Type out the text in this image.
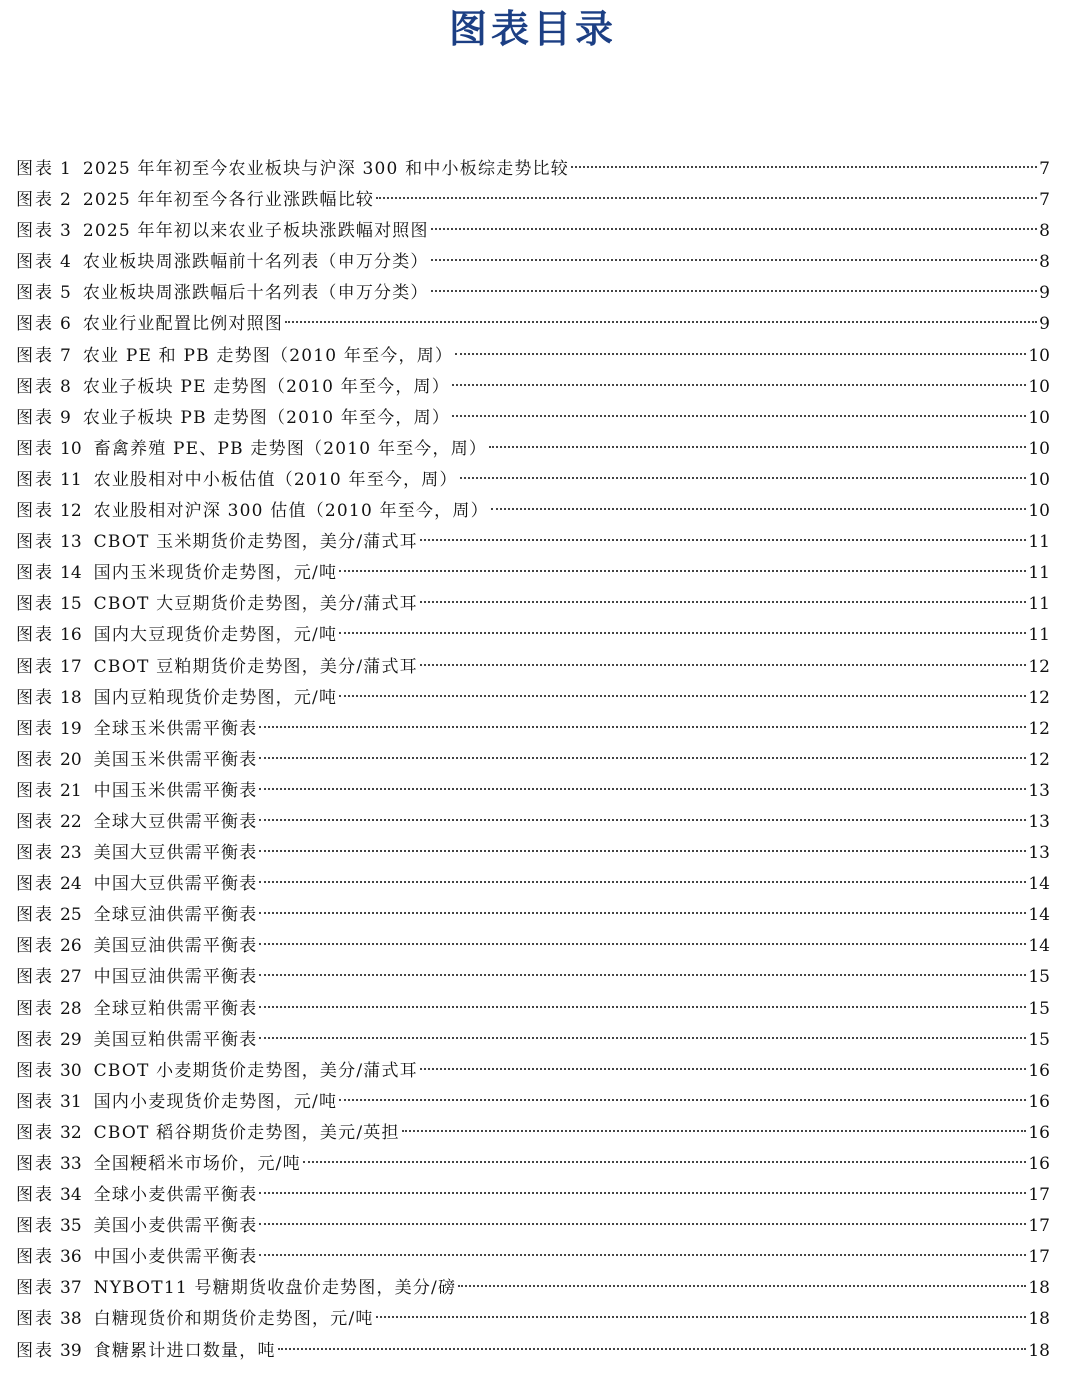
图表目录
图表 1 2025 年年初至今农业板块与沪深 300 和中小板综走势比较	7
图表 2 2025 年年初至今各行业涨跌幅比较	7
图表 3 2025 年年初以来农业子板块涨跌幅对照图	8
图表 4 农业板块周涨跌幅前十名列表（申万分类）	8
图表 5 农业板块周涨跌幅后十名列表（申万分类）	9
图表 6 农业行业配置比例对照图	9
图表 7 农业 PE 和 PB 走势图（2010 年至今，周）	10
图表 8 农业子板块 PE 走势图（2010 年至今，周）	10
图表 9 农业子板块 PB 走势图（2010 年至今，周）	10
图表 10 畜禽养殖 PE、PB 走势图（2010 年至今，周）	10
图表 11 农业股相对中小板估值（2010 年至今，周）	10
图表 12 农业股相对沪深 300 估值（2010 年至今，周）	10
图表 13 CBOT 玉米期货价走势图，美分/蒲式耳	11
图表 14 国内玉米现货价走势图，元/吨	11
图表 15 CBOT 大豆期货价走势图，美分/蒲式耳	11
图表 16 国内大豆现货价走势图，元/吨	11
图表 17 CBOT 豆粕期货价走势图，美分/蒲式耳	12
图表 18 国内豆粕现货价走势图，元/吨	12
图表 19 全球玉米供需平衡表	12
图表 20 美国玉米供需平衡表	12
图表 21 中国玉米供需平衡表	13
图表 22 全球大豆供需平衡表	13
图表 23 美国大豆供需平衡表	13
图表 24 中国大豆供需平衡表	14
图表 25 全球豆油供需平衡表	14
图表 26 美国豆油供需平衡表	14
图表 27 中国豆油供需平衡表	15
图表 28 全球豆粕供需平衡表	15
图表 29 美国豆粕供需平衡表	15
图表 30 CBOT 小麦期货价走势图，美分/蒲式耳	16
图表 31 国内小麦现货价走势图，元/吨	16
图表 32 CBOT 稻谷期货价走势图，美元/英担	16
图表 33 全国粳稻米市场价，元/吨	16
图表 34 全球小麦供需平衡表	17
图表 35 美国小麦供需平衡表	17
图表 36 中国小麦供需平衡表	17
图表 37 NYBOT11 号糖期货收盘价走势图，美分/磅	18
图表 38 白糖现货价和期货价走势图，元/吨	18
图表 39 食糖累计进口数量，吨	18
